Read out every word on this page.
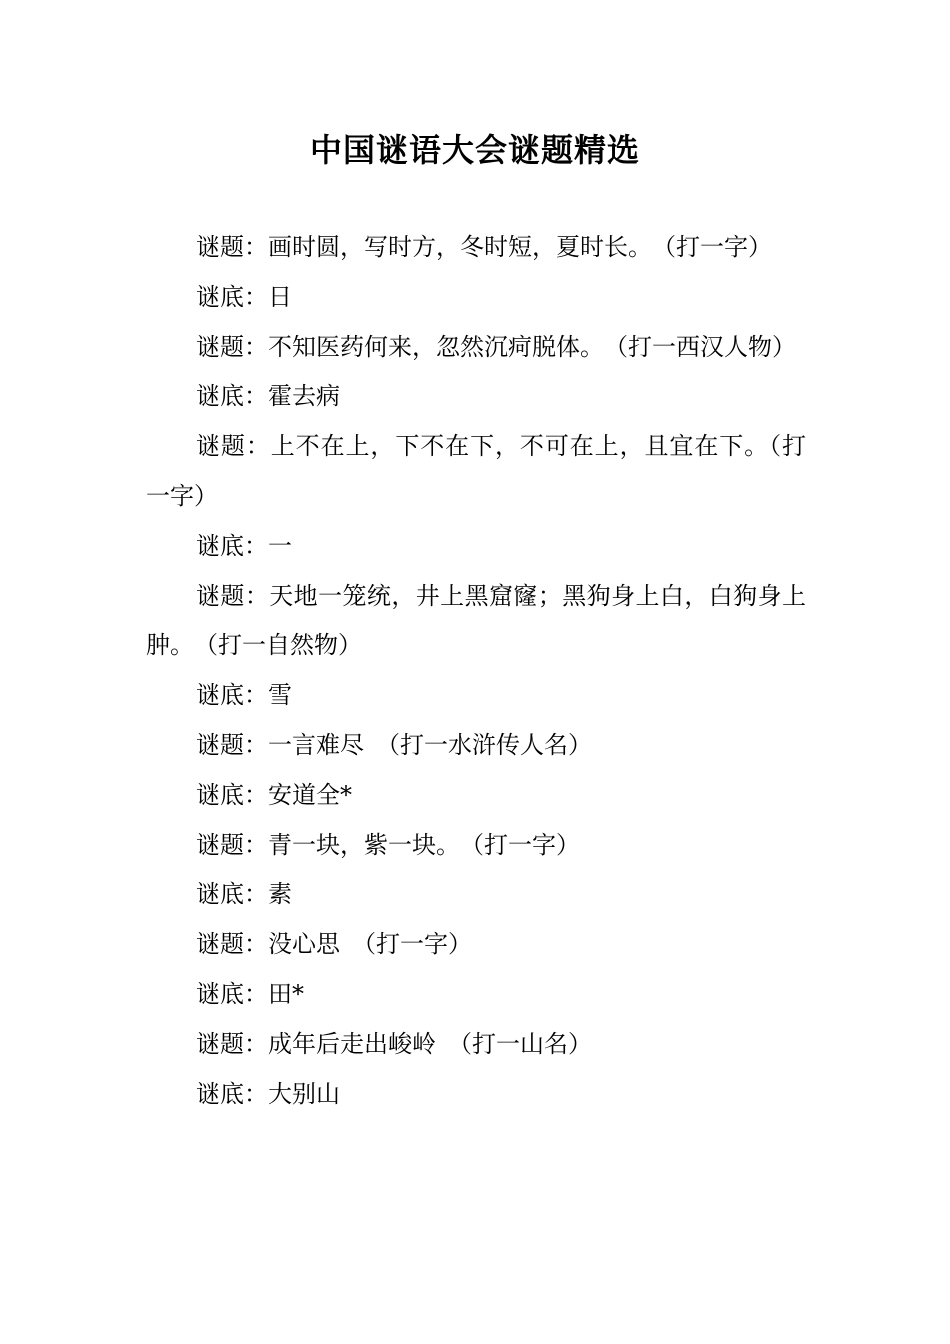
中国谜语大会谜题精选

谜题：画时圆，写时方，冬时短，夏时长。　（打一字）

谜底：日

谜题：不知医药何来，忽然沉疴脱体。　（打一西汉人物）

谜底：霍去病

谜题：上不在上，下不在下，不可在上，且宜在下。（打一字）

谜底：一

谜题：天地一笼统，井上黑窟窿；黑狗身上白，白狗身上肿。　（打一自然物）

谜底：雪

谜题：一言难尽　（打一水浒传人名）

谜底：安道全*

谜题：青一块，紫一块。　（打一字）

谜底：素

谜题：没心思　（打一字）

谜底：田*

谜题：成年后走出峻岭　（打一山名）

谜底：大别山
